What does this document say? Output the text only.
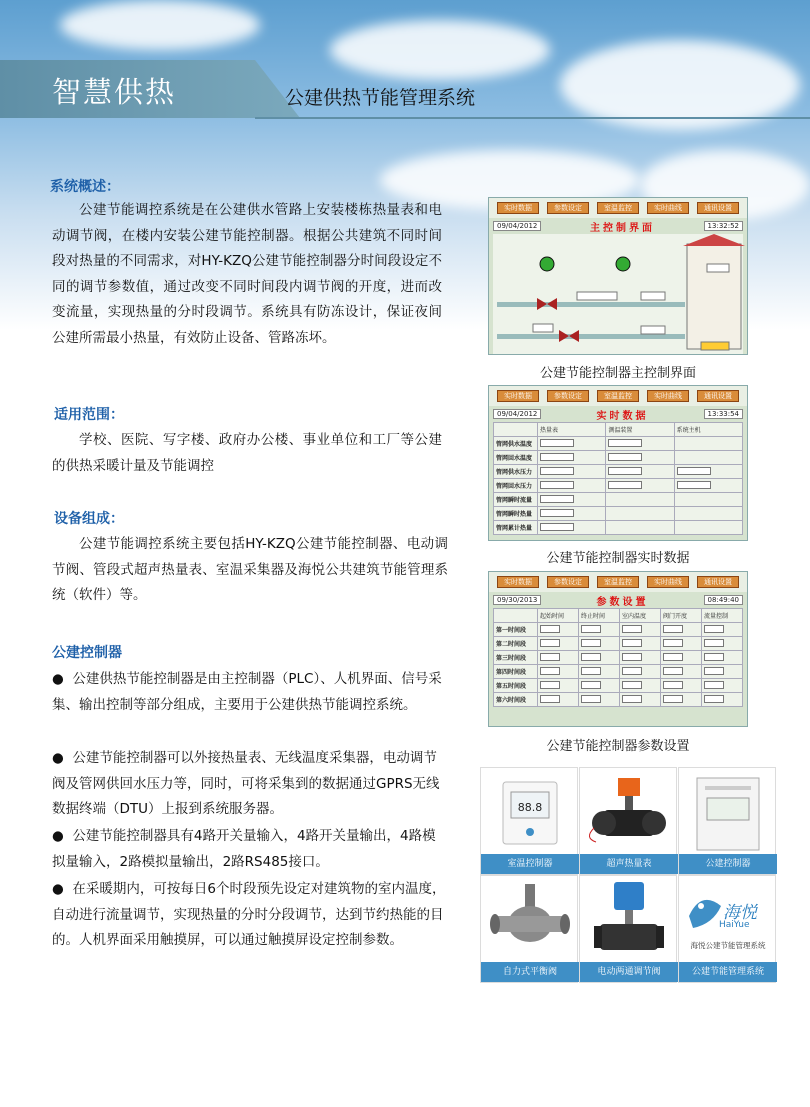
智慧供热	公建供热节能管理系统
系统概述：

公建节能调控系统是在公建供水管路上安装楼栋热量表和电动调节阀，在楼内安装公建节能控制器。根据公共建筑不同时间段对热量的不同需求，对HY-KZQ公建节能控制器分时间段设定不同的调节参数值，通过改变不同时间段内调节阀的开度，进而改变流量，实现热量的分时段调节。系统具有防冻设计，保证夜间公建所需最小热量，有效防止设备、管路冻坏。

适用范围：

学校、医院、写字楼、政府办公楼、事业单位和工厂等公建的供热采暖计量及节能调控

设备组成：

公建节能调控系统主要包括HY-KZQ公建节能控制器、电动调节阀、管段式超声热量表、室温采集器及海悦公共建筑节能管理系统（软件）等。

公建控制器
●  公建供热节能控制器是由主控制器（PLC）、人机界面、信号采集、输出控制等部分组成，主要用于公建供热节能调控系统。
●  公建节能控制器可以外接热量表、无线温度采集器，电动调节阀及管网供回水压力等，同时，可将采集到的数据通过GPRS无线数据终端（DTU）上报到系统服务器。
●  公建节能控制器具有4路开关量输入，4路开关量输出，4路模拟量输入，2路模拟量输出，2路RS485接口。
●  在采暖期内，可按每日6个时段预先设定对建筑物的室内温度，自动进行流量调节，实现热量的分时分段调节，达到节约热能的目的。人机界面采用触摸屏，可以通过触摸屏设定控制参数。
实时数据	参数设定	室温监控	实时曲线	通讯设置
09/04/2012	主控制界面	13:32:52
公建节能控制器主控制界面
实时数据	参数设定	室温监控	实时曲线	通讯设置
09/04/2012	实时数据	13:33:54
	热量表	测温装置	系统主机
管网供水温度			
管网回水温度			
管网供水压力			
管网回水压力			
管网瞬时流量			
管网瞬时热量			
管网累计热量			
公建节能控制器实时数据
实时数据	参数设定	室温监控	实时曲线	通讯设置
09/30/2013	参数设置	08:49:40
	起始时间	终止时间	室内温度	阀门开度	流量控制
第一时间段					
第二时间段					
第三时间段					
第四时间段					
第五时间段					
第六时间段					
公建节能控制器参数设置
88.8
室温控制器	超声热量表	公建控制器
自力式平衡阀	电动两通调节阀
海悦
HaiYue
海悦公建节能管理系统
公建节能管理系统
